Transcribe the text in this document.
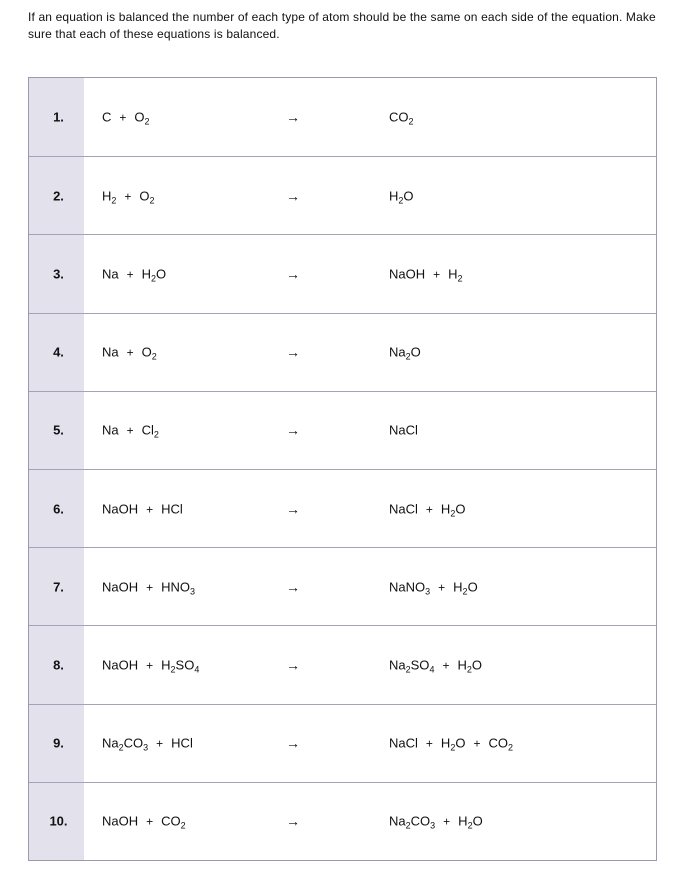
If an equation is balanced the number of each type of atom should be the same on each side of the equation. Make sure that each of these equations is balanced.

1.	$C + O_2$	→	$CO_2$
2.	$H_2 + O_2$	→	$H_2O$
3.	$Na + H_2O$	→	NaOH + $H_2$
4.	$Na + O_2$	→	$Na_2O$
5.	$Na + Cl_2$	→	NaCl
6.	NaOH + HCl	→	NaCl + $H_2O$
7.	NaOH + $HNO_3$	→	NaNO$_3$ + $H_2O$
8.	NaOH + $H_2SO_4$	→	$Na_2SO_4 + H_2O$
9.	$Na_2CO_3$ + HCl	→	NaCl + $H_2O + CO_2$
10.	NaOH + $CO_2$	→	$Na_2CO_3 + H_2O$
